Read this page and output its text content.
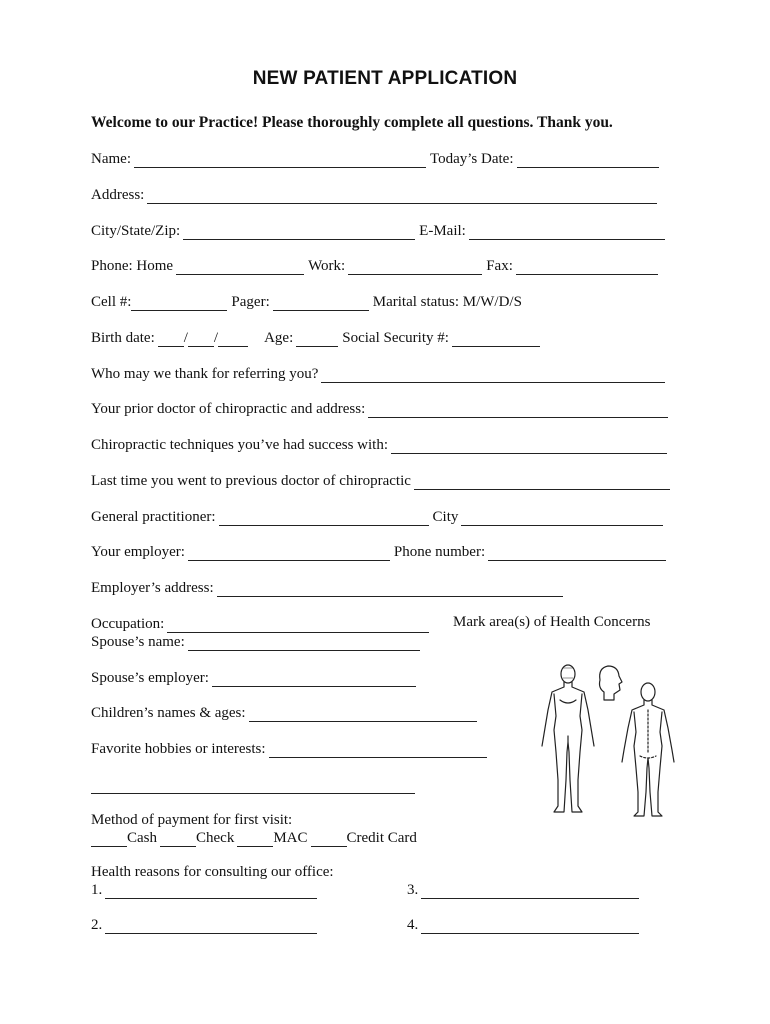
NEW PATIENT APPLICATION
Welcome to our Practice! Please thoroughly complete all questions. Thank you.
Name:	Today’s Date:
Address:
City/State/Zip:	E-Mail:
Phone: Home	Work:	Fax:
Cell #:	Pager:	Marital status: M/W/D/S
Birth date: / /	Age:	Social Security #:
Who may we thank for referring you?
Your prior doctor of chiropractic and address:
Chiropractic techniques you’ve had success with:
Last time you went to previous doctor of chiropractic
General practitioner:	City
Your employer:	Phone number:
Employer’s address:
Occupation:	Mark area(s) of Health Concerns
Spouse’s name:
Spouse’s employer:
Children’s names & ages:
Favorite hobbies or interests:
Method of payment for first visit:
Cash	Check	MAC	Credit Card
Health reasons for consulting our office:
1.	3.
2.	4.
